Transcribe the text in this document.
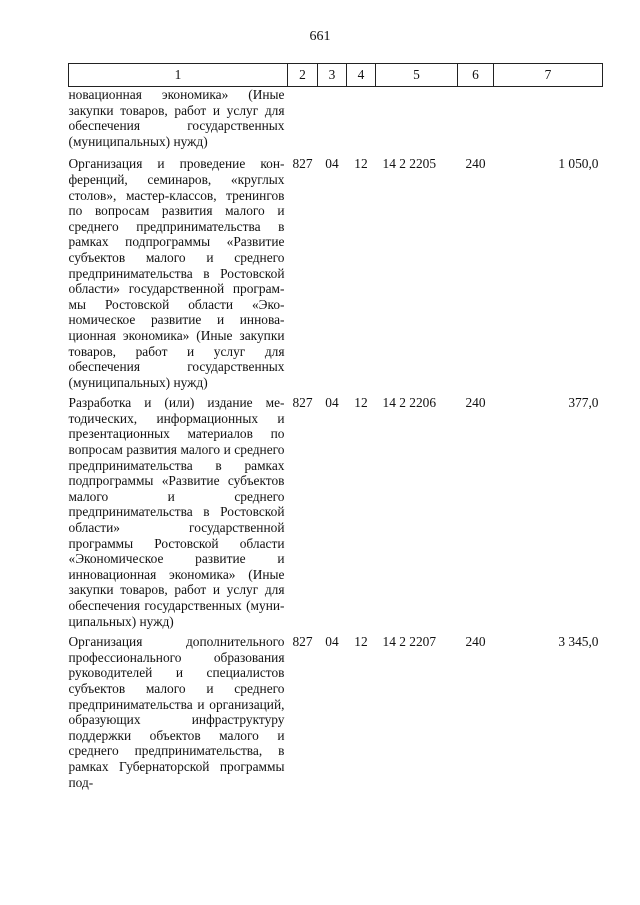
661
1	2	3	4	5	6	7
новационная экономика» (Иные закупки товаров, работ и услуг для обеспечения государственных (муниципальных) нужд)						
Организация и проведение конференций, семинаров, «круглых столов», мастер-классов, тренингов по вопросам развития малого и среднего предпринимательства в рамках подпрограммы «Развитие субъектов малого и среднего предпринимательства в Ростовской области» государственной программы Ростовской области «Экономическое развитие и инновационная экономика» (Иные закупки товаров, работ и услуг для обеспечения государственных (муниципальных) нужд)	827	04	12	14 2 2205	240	1 050,0
Разработка и (или) издание методических, информационных и презентационных материалов по вопросам развития малого и среднего предпринимательства в рамках подпрограммы «Развитие субъектов малого и среднего предпринимательства в Ростовской области» государственной программы Ростовской области «Экономическое развитие и инновационная экономика» (Иные закупки товаров, работ и услуг для обеспечения государственных (муниципальных) нужд)	827	04	12	14 2 2206	240	377,0
Организация дополнительного профессионального образования руководителей и специалистов субъектов малого и среднего предпринимательства и организаций, образующих инфраструктуру поддержки объектов малого и среднего предпринимательства, в рамках Губернаторской программы под-	827	04	12	14 2 2207	240	3 345,0
